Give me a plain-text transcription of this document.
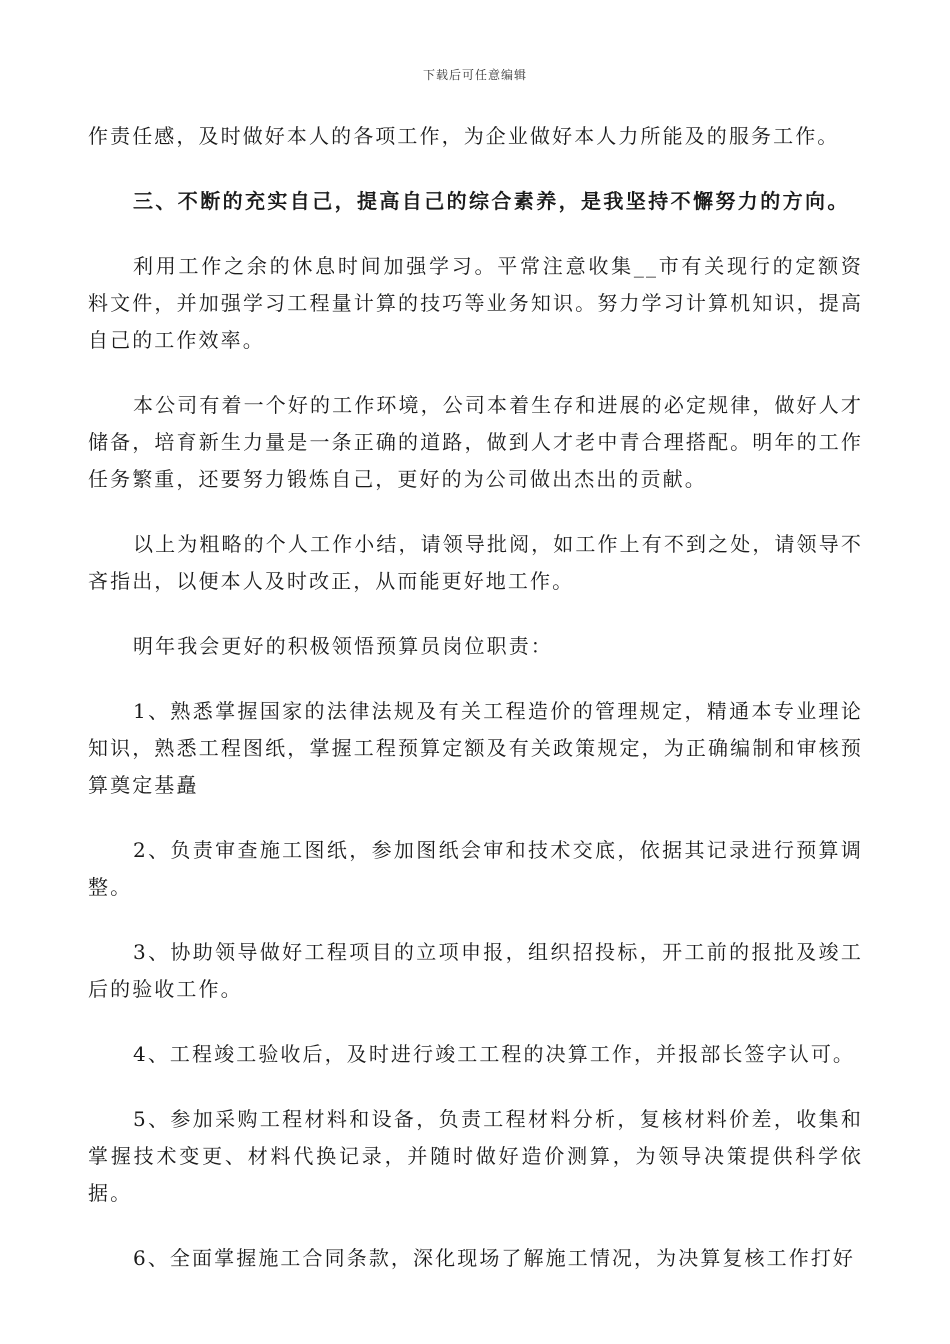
下载后可任意编辑

作责任感，及时做好本人的各项工作，为企业做好本人力所能及的服务工作。

三、不断的充实自己，提高自己的综合素养，是我坚持不懈努力的方向。

利用工作之余的休息时间加强学习。平常注意收集__市有关现行的定额资料文件，并加强学习工程量计算的技巧等业务知识。努力学习计算机知识，提高自己的工作效率。

本公司有着一个好的工作环境，公司本着生存和进展的必定规律，做好人才储备，培育新生力量是一条正确的道路，做到人才老中青合理搭配。明年的工作任务繁重，还要努力锻炼自己，更好的为公司做出杰出的贡献。

以上为粗略的个人工作小结，请领导批阅，如工作上有不到之处，请领导不吝指出，以便本人及时改正，从而能更好地工作。

明年我会更好的积极领悟预算员岗位职责：

1、熟悉掌握国家的法律法规及有关工程造价的管理规定，精通本专业理论知识，熟悉工程图纸，掌握工程预算定额及有关政策规定，为正确编制和审核预算奠定基矗

2、负责审查施工图纸，参加图纸会审和技术交底，依据其记录进行预算调整。

3、协助领导做好工程项目的立项申报，组织招投标，开工前的报批及竣工后的验收工作。

4、工程竣工验收后，及时进行竣工工程的决算工作，并报部长签字认可。

5、参加采购工程材料和设备，负责工程材料分析，复核材料价差，收集和掌握技术变更、材料代换记录，并随时做好造价测算，为领导决策提供科学依据。

6、全面掌握施工合同条款，深化现场了解施工情况，为决算复核工作打好
